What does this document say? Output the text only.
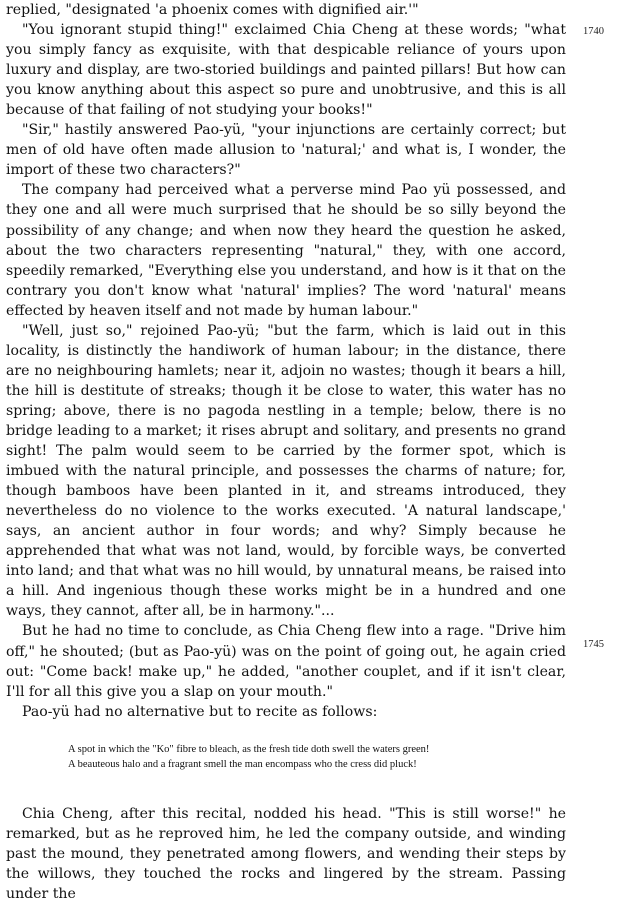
replied, "designated 'a phoenix comes with dignified air.'"

"You ignorant stupid thing!" exclaimed Chia Cheng at these words; "what you simply fancy as exquisite, with that despicable reliance of yours upon luxury and display, are two-storied buildings and painted pillars! But how can you know anything about this aspect so pure and unobtrusive, and this is all because of that failing of not studying your books!"

"Sir," hastily answered Pao-yü, "your injunctions are certainly correct; but men of old have often made allusion to 'natural;' and what is, I wonder, the import of these two characters?"

The company had perceived what a perverse mind Pao yü possessed, and they one and all were much surprised that he should be so silly beyond the possibility of any change; and when now they heard the question he asked, about the two characters representing "natural," they, with one accord, speedily remarked, "Everything else you understand, and how is it that on the contrary you don't know what 'natural' implies? The word 'natural' means effected by heaven itself and not made by human labour."

"Well, just so," rejoined Pao-yü; "but the farm, which is laid out in this locality, is distinctly the handiwork of human labour; in the distance, there are no neighbouring hamlets; near it, adjoin no wastes; though it bears a hill, the hill is destitute of streaks; though it be close to water, this water has no spring; above, there is no pagoda nestling in a temple; below, there is no bridge leading to a market; it rises abrupt and solitary, and presents no grand sight! The palm would seem to be carried by the former spot, which is imbued with the natural principle, and possesses the charms of nature; for, though bamboos have been planted in it, and streams introduced, they nevertheless do no violence to the works executed. 'A natural landscape,' says, an ancient author in four words; and why? Simply because he apprehended that what was not land, would, by forcible ways, be converted into land; and that what was no hill would, by unnatural means, be raised into a hill. And ingenious though these works might be in a hundred and one ways, they cannot, after all, be in harmony."...

But he had no time to conclude, as Chia Cheng flew into a rage. "Drive him off," he shouted; (but as Pao-yü) was on the point of going out, he again cried out: "Come back! make up," he added, "another couplet, and if it isn't clear, I'll for all this give you a slap on your mouth."

Pao-yü had no alternative but to recite as follows:

A spot in which the "Ko" fibre to bleach, as the fresh tide doth swell the waters green!
A beauteous halo and a fragrant smell the man encompass who the cress did pluck!

Chia Cheng, after this recital, nodded his head. "This is still worse!" he remarked, but as he reproved him, he led the company outside, and winding past the mound, they penetrated among flowers, and wending their steps by the willows, they touched the rocks and lingered by the stream. Passing under the

1740
1745
